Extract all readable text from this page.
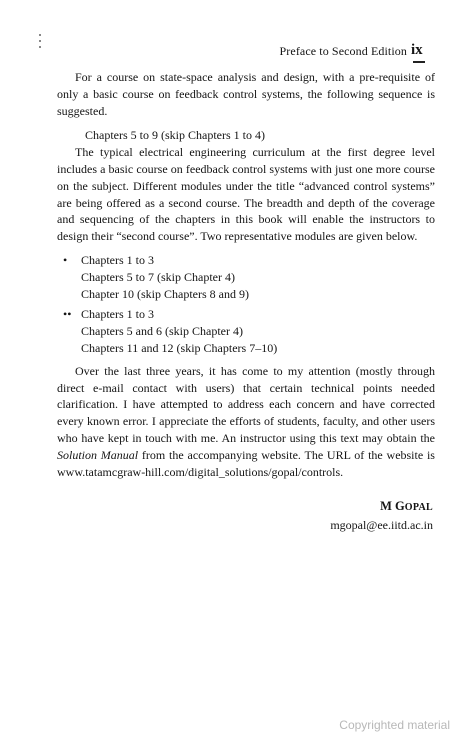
Preface to Second Edition ix

For a course on state-space analysis and design, with a pre-requisite of only a basic course on feedback control systems, the following sequence is suggested.

Chapters 5 to 9 (skip Chapters 1 to 4)

The typical electrical engineering curriculum at the first degree level includes a basic course on feedback control systems with just one more course on the subject. Different modules under the title “advanced control systems” are being offered as a second course. The breadth and depth of the coverage and sequencing of the chapters in this book will enable the instructors to design their “second course”. Two representative modules are given below.

•	Chapters 1 to 3
Chapters 5 to 7 (skip Chapter 4)
Chapter 10 (skip Chapters 8 and 9)
•• Chapters 1 to 3
Chapters 5 and 6 (skip Chapter 4)
Chapters 11 and 12 (skip Chapters 7–10)

Over the last three years, it has come to my attention (mostly through direct e-mail contact with users) that certain technical points needed clarification. I have attempted to address each concern and have corrected every known error. I appreciate the efforts of students, faculty, and other users who have kept in touch with me. An instructor using this text may obtain the Solution Manual from the accompanying website. The URL of the website is www.tatamcgraw-hill.com/digital_solutions/gopal/controls.

M GOPAL
mgopal@ee.iitd.ac.in
Copyrighted material
